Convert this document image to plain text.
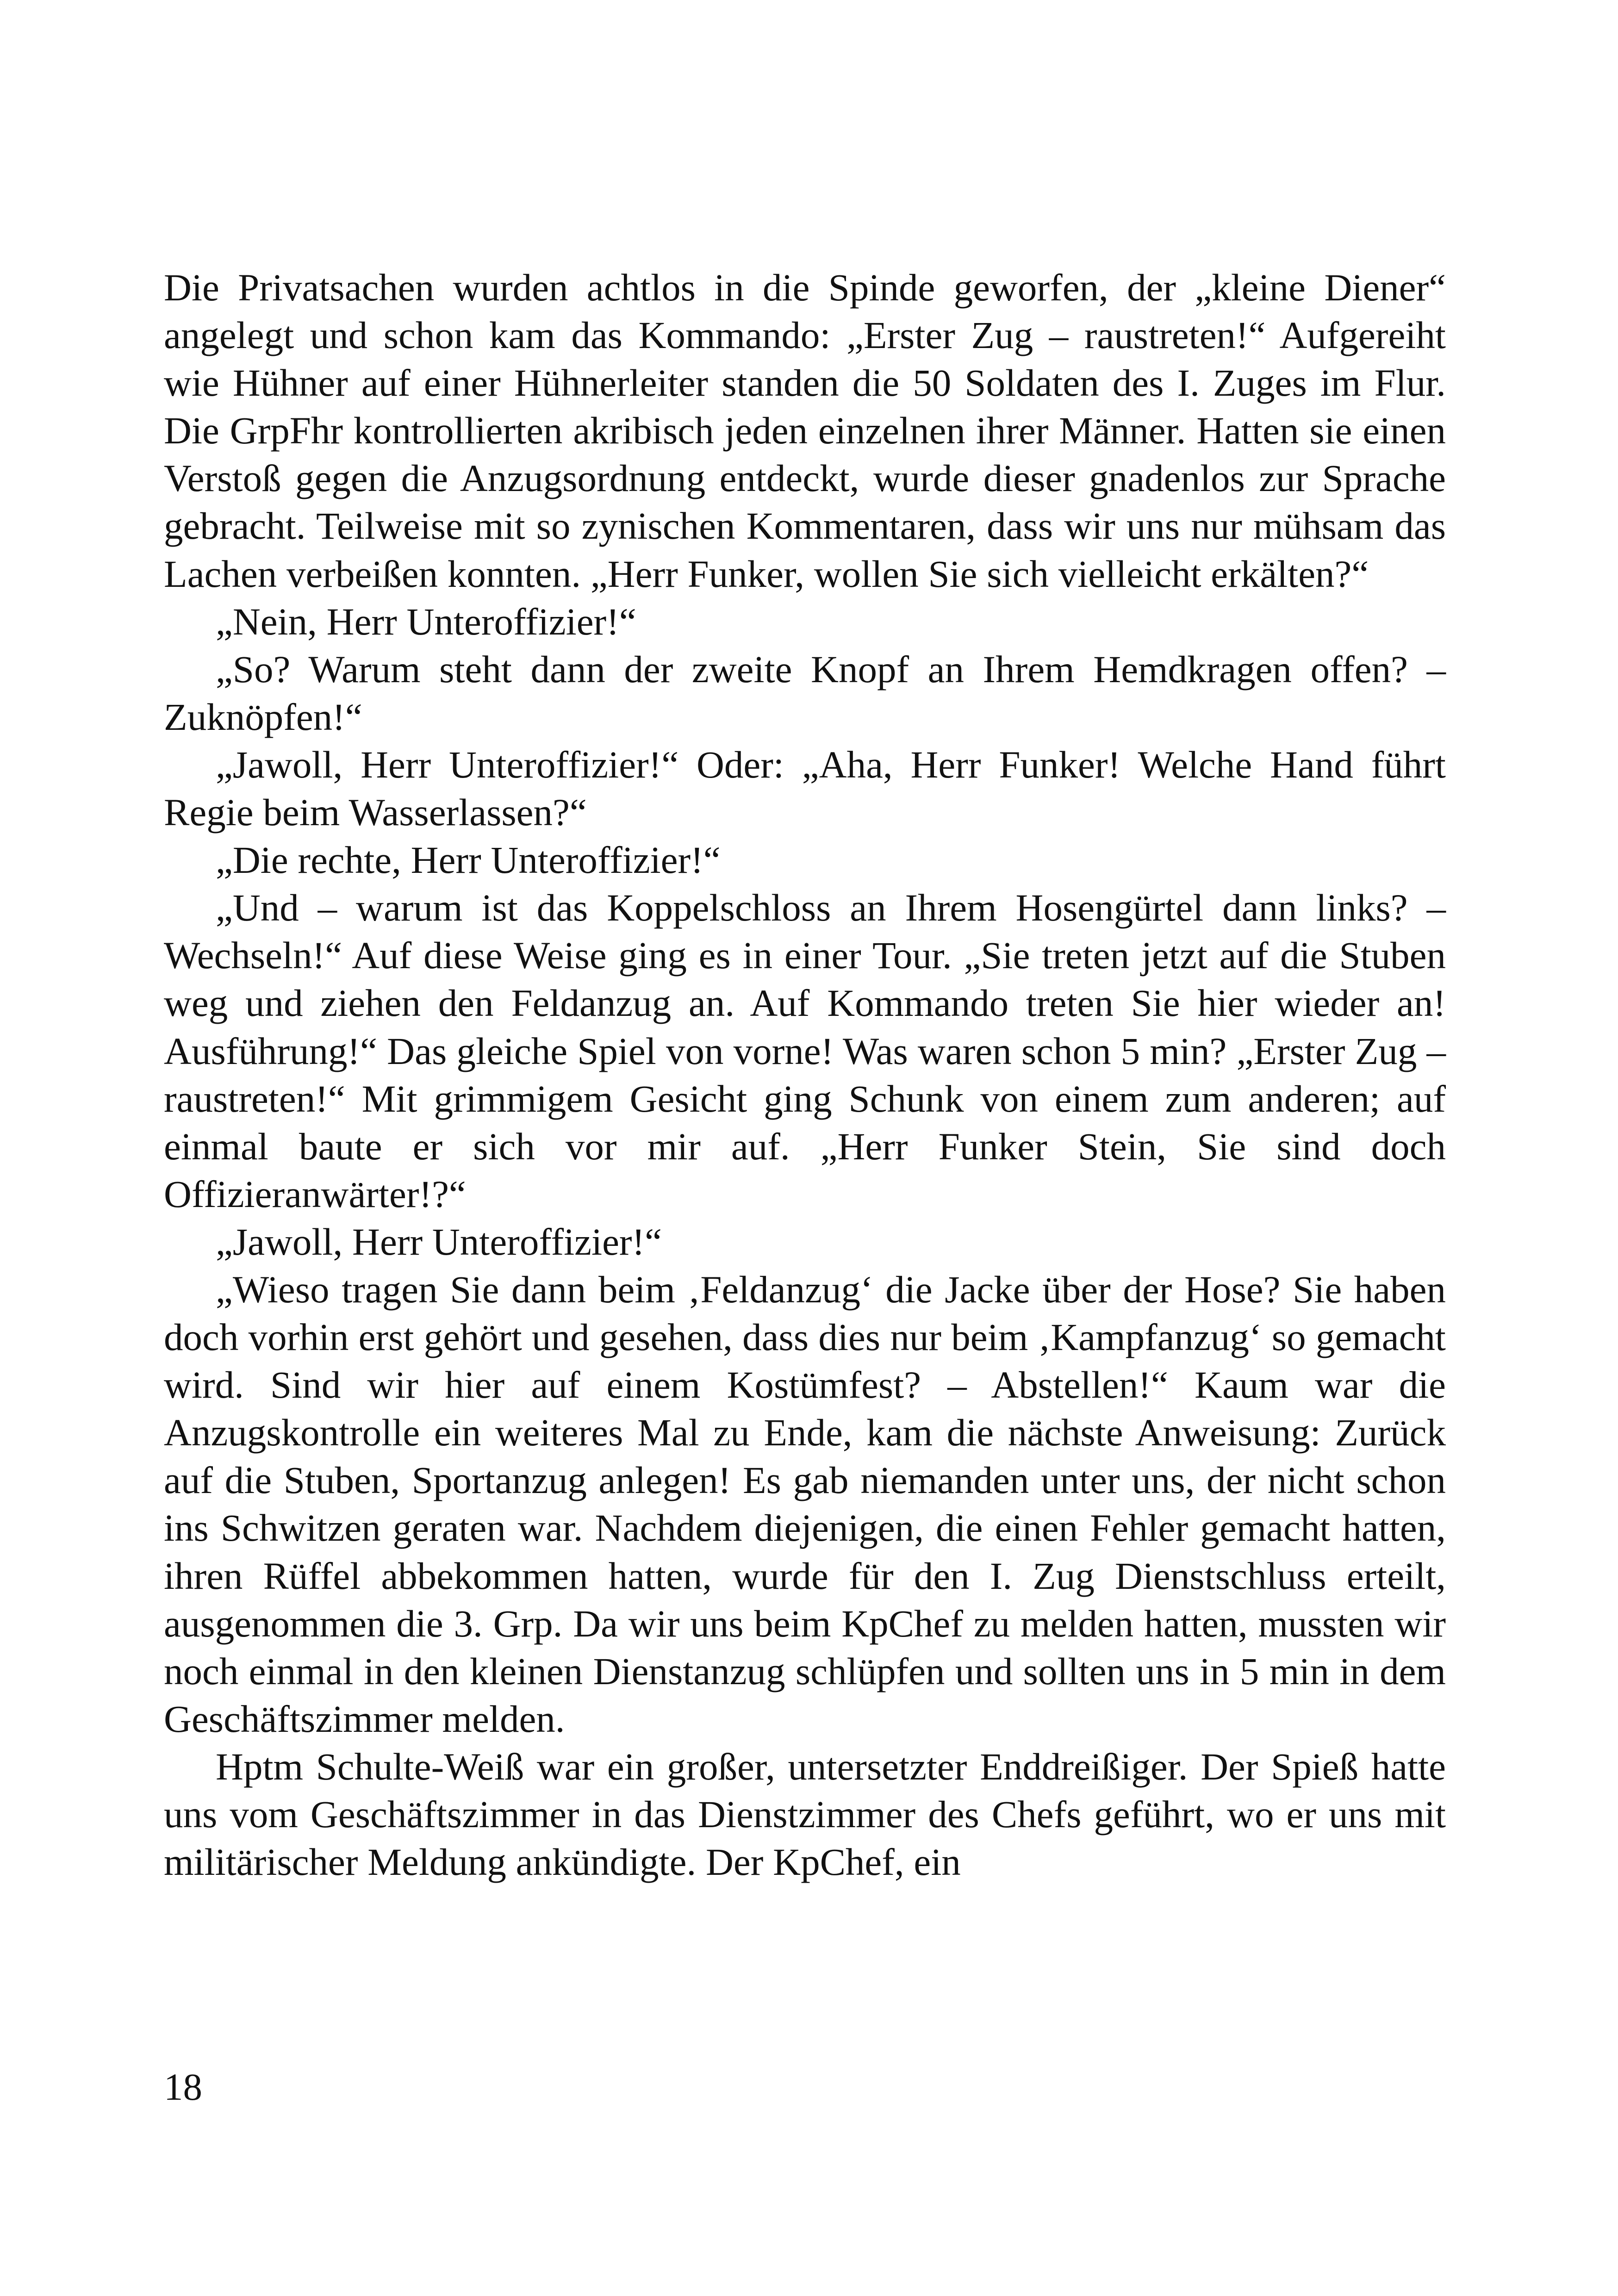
Die Privatsachen wurden achtlos in die Spinde geworfen, der „kleine Diener“ angelegt und schon kam das Kommando: „Erster Zug – raustreten!“ Aufgereiht wie Hühner auf einer Hühnerleiter standen die 50 Soldaten des I. Zuges im Flur. Die GrpFhr kontrollierten akribisch jeden einzelnen ihrer Männer. Hatten sie einen Verstoß gegen die Anzugsordnung entdeckt, wurde dieser gnadenlos zur Sprache gebracht. Teilweise mit so zynischen Kommentaren, dass wir uns nur mühsam das Lachen verbeißen konnten. „Herr Funker, wollen Sie sich vielleicht erkälten?“

„Nein, Herr Unteroffizier!“

„So? Warum steht dann der zweite Knopf an Ihrem Hemdkragen offen? – Zuknöpfen!“

„Jawoll, Herr Unteroffizier!“ Oder: „Aha, Herr Funker! Welche Hand führt Regie beim Wasserlassen?“

„Die rechte, Herr Unteroffizier!“

„Und – warum ist das Koppelschloss an Ihrem Hosengürtel dann links? – Wechseln!“ Auf diese Weise ging es in einer Tour. „Sie treten jetzt auf die Stuben weg und ziehen den Feldanzug an. Auf Kommando treten Sie hier wieder an! Ausführung!“ Das gleiche Spiel von vorne! Was waren schon 5 min? „Erster Zug – raustreten!“ Mit grimmigem Gesicht ging Schunk von einem zum anderen; auf einmal baute er sich vor mir auf. „Herr Funker Stein, Sie sind doch Offizieranwärter!?“

„Jawoll, Herr Unteroffizier!“

„Wieso tragen Sie dann beim ‚Feldanzug‘ die Jacke über der Hose? Sie haben doch vorhin erst gehört und gesehen, dass dies nur beim ‚Kampfanzug‘ so gemacht wird. Sind wir hier auf einem Kostümfest? – Abstellen!“ Kaum war die Anzugskontrolle ein weiteres Mal zu Ende, kam die nächste Anweisung: Zurück auf die Stuben, Sportanzug anlegen! Es gab niemanden unter uns, der nicht schon ins Schwitzen geraten war. Nachdem diejenigen, die einen Fehler gemacht hatten, ihren Rüffel abbekommen hatten, wurde für den I. Zug Dienstschluss erteilt, ausgenommen die 3. Grp. Da wir uns beim KpChef zu melden hatten, mussten wir noch einmal in den kleinen Dienstanzug schlüpfen und sollten uns in 5 min in dem Geschäftszimmer melden.

Hptm Schulte-Weiß war ein großer, untersetzter Enddreißiger. Der Spieß hatte uns vom Geschäftszimmer in das Dienstzimmer des Chefs geführt, wo er uns mit militärischer Meldung ankündigte. Der KpChef, ein

18
